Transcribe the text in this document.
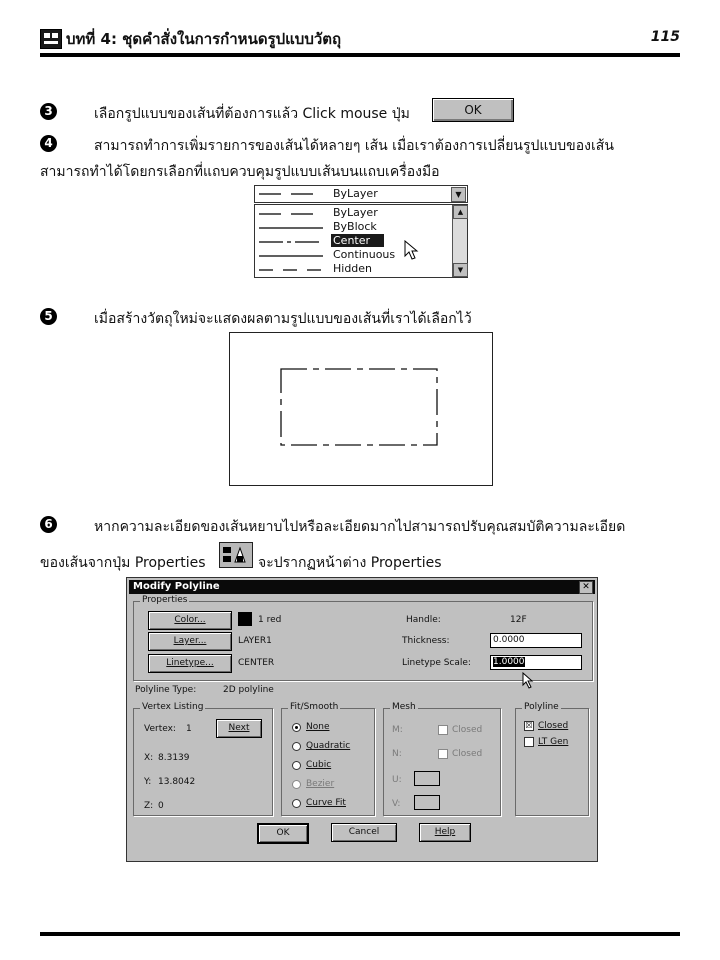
บทที่ 4: ชุดคำสั่งในการกำหนดรูปแบบวัตถุ	115
3	เลือกรูปแบบของเส้นที่ต้องการแล้ว Click mouse ปุ่ม	OK
4	สามารถทำการเพิ่มรายการของเส้นได้หลายๆ เส้น เมื่อเราต้องการเปลี่ยนรูปแบบของเส้น
สามารถทำได้โดยกรเลือกที่แถบควบคุมรูปแบบเส้นบนแถบเครื่องมือ
ByLayer	▼
ByLayer
ByBlock
Center
Continuous
Hidden
▲
▼
5	เมื่อสร้างวัตถุใหม่จะแสดงผลตามรูปแบบของเส้นที่เราได้เลือกไว้
6	หากความละเอียดของเส้นหยาบไปหรือละเอียดมากไปสามารถปรับคุณสมบัติความละเอียด
ของเส้นจากปุ่ม Properties	จะปรากฏหน้าต่าง Properties
Modify Polyline	✕
Properties
Color...	1 red
Layer...	LAYER1
Linetype...	CENTER
Handle:	12F
Thickness:	0.0000
Linetype Scale:	1.0000
Polyline Type:	2D polyline
Vertex Listing
Vertex: 1	Next
X: 8.3139
Y: 13.8042
Z: 0
Fit/Smooth
None
Quadratic
Cubic
Bezier
Curve Fit
Mesh
M:	Closed
N:	Closed
U:
V:
Polyline
☒ Closed
LT Gen
OK	Cancel	Help
